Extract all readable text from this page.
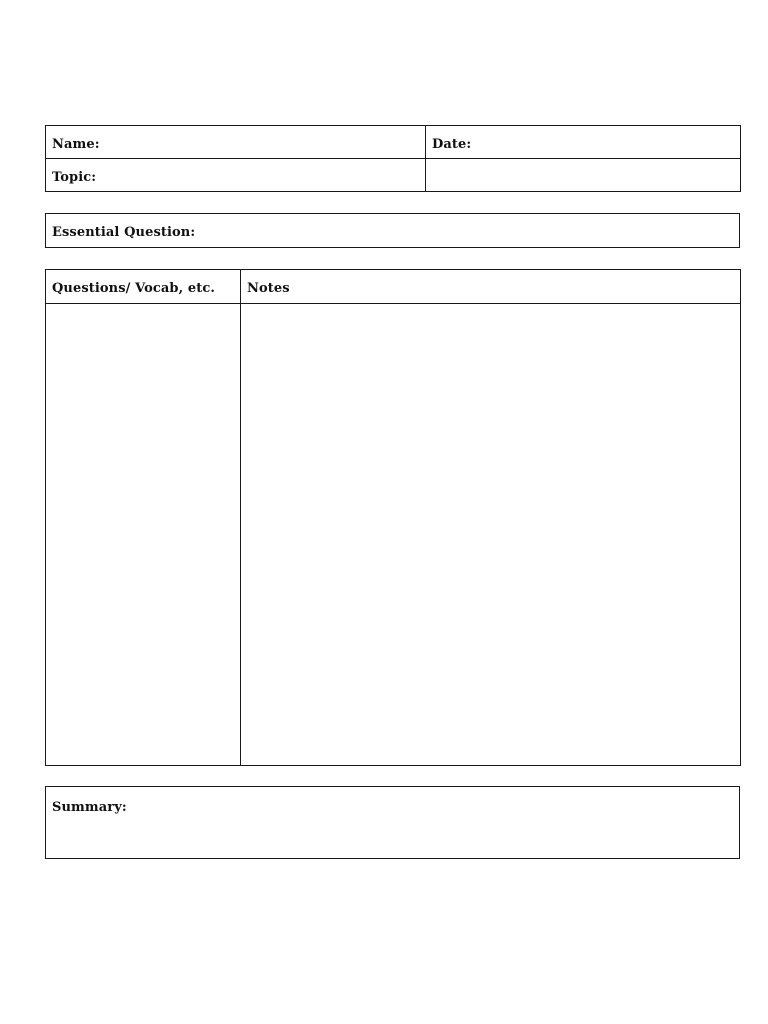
Name:	Date:
Topic:	
Essential Question:
Questions/ Vocab, etc.	Notes

Summary:
